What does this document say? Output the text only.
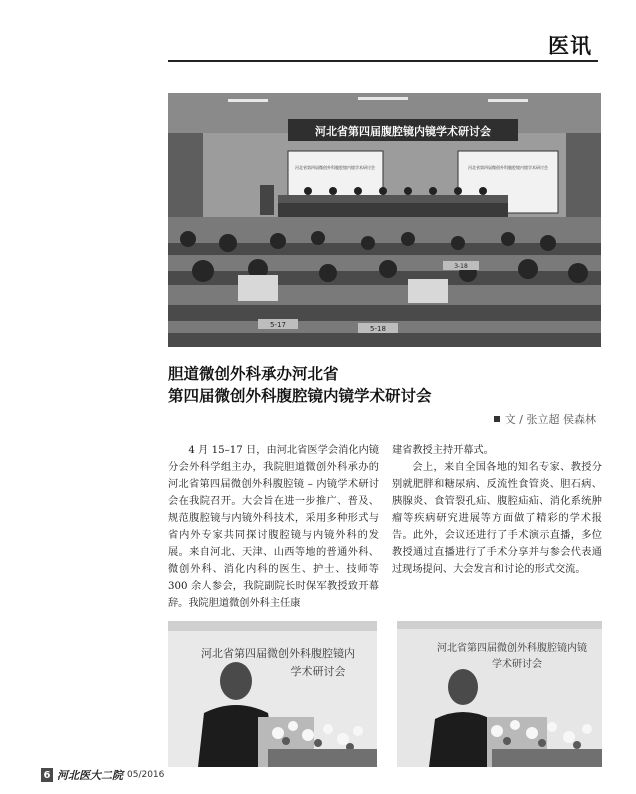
医讯
河北省第四届腹腔镜内镜学术研讨会
河北省第四届微创外科腹腔镜内镜学术研讨会	河北省第四届微创外科腹腔镜内镜学术研讨会
5-17	5-18
3-18
胆道微创外科承办河北省
第四届微创外科腹腔镜内镜学术研讨会
文 / 张立超 侯森林

4 月 15–17 日，由河北省医学会消化内镜分会外科学组主办，我院胆道微创外科承办的河北省第四届微创外科腹腔镜 – 内镜学术研讨会在我院召开。大会旨在进一步推广、普及、规范腹腔镜与内镜外科技术，采用多种形式与省内外专家共同探讨腹腔镜与内镜外科的发展。来自河北、天津、山西等地的普通外科、微创外科、消化内科的医生、护士、技师等 300 余人参会，我院副院长时保军教授致开幕辞。我院胆道微创外科主任康

建省教授主持开幕式。

会上，来自全国各地的知名专家、教授分别就肥胖和糖尿病、反流性食管炎、胆石病、胰腺炎、食管裂孔疝、腹腔疝疝、消化系统肿瘤等疾病研究进展等方面做了精彩的学术报告。此外，会议还进行了手术演示直播，多位教授通过直播进行了手术分享并与参会代表通过现场提问、大会发言和讨论的形式交流。

河北省第四届微创外科腹腔镜内
学术研讨会
河北省第四届微创外科腹腔镜内镜
学术研讨会
6 河北医大二院 05/2016
